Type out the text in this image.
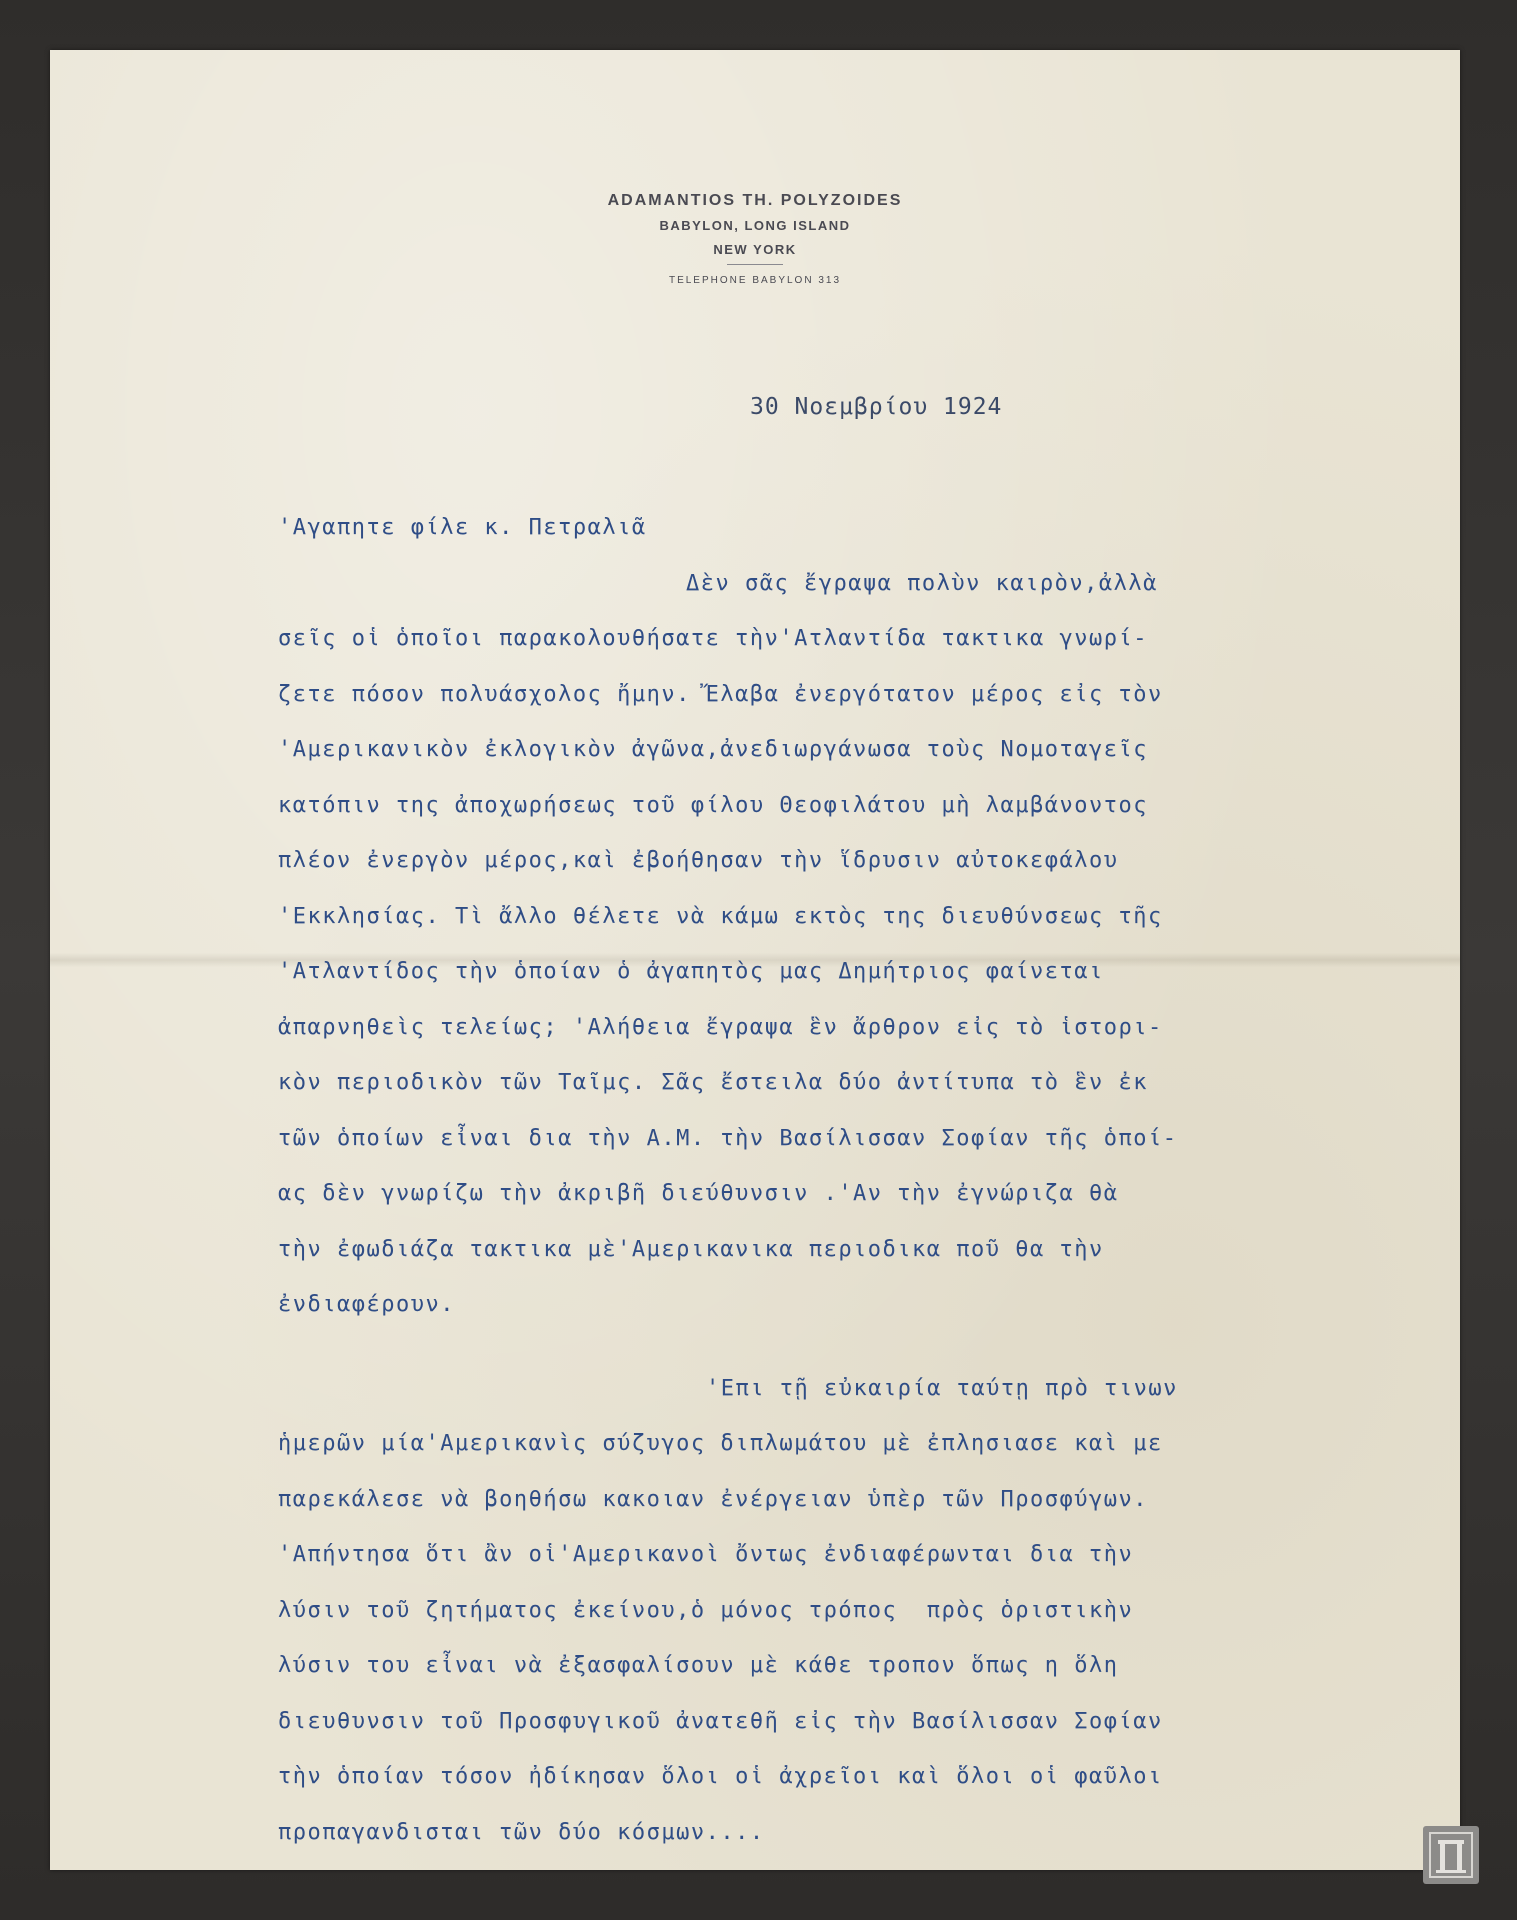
ADAMANTIOS TH. POLYZOIDES
BABYLON, LONG ISLAND
NEW YORK
TELEPHONE BABYLON 313
30 Νοεμβρίου 1924
'Αγαπητε φίλε κ. Πετραλιᾶ
Δὲν σᾶς ἔγραψα πολὺν καιρὸν,ἀλλὰ
σεῖς οἱ ὁποῖοι παρακολουθήσατε τὴν'Ατλαντίδα τακτικα γνωρί-
ζετε πόσον πολυάσχολος ἤμην. Ἔλαβα ἐνεργότατον μέρος εἰς τὸν
'Αμερικανικὸν ἐκλογικὸν ἀγῶνα,ἀνεδιωργάνωσα τοὺς Νομοταγεῖς
κατόπιν της ἀποχωρήσεως τοῦ φίλου Θεοφιλάτου μὴ λαμβάνοντος
πλέον ἐνεργὸν μέρος,καὶ ἐβοήθησαν τὴν ἵδρυσιν αὐτοκεφάλου
'Εκκλησίας. Τὶ ἄλλο θέλετε νὰ κάμω εκτὸς της διευθύνσεως τῆς
'Ατλαντίδος τὴν ὁποίαν ὁ ἀγαπητὸς μας Δημήτριος φαίνεται
ἀπαρνηθεὶς τελείως; 'Αλήθεια ἔγραψα ἓν ἄρθρον εἰς τὸ ἱστορι-
κὸν περιοδικὸν τῶν Ταῖμς. Σᾶς ἔστειλα δύο ἀντίτυπα τὸ ἓν ἐκ
τῶν ὁποίων εἶναι δια τὴν Α.Μ. τὴν Βασίλισσαν Σοφίαν τῆς ὁποί-
ας δὲν γνωρίζω τὴν ἀκριβῆ διεύθυνσιν .'Αν τὴν ἐγνώριζα θὰ
τὴν ἐφωδιάζα τακτικα μὲ'Αμερικανικα περιοδικα ποῦ θα τὴν
ἐνδιαφέρουν.
'Επι τῇ εὐκαιρία ταύτῃ πρὸ τινων
ἡμερῶν μία'Αμερικανὶς σύζυγος διπλωμάτου μὲ ἐπλησιασε καὶ με
παρεκάλεσε νὰ βοηθήσω κακοιαν ἐνέργειαν ὑπὲρ τῶν Προσφύγων.
'Απήντησα ὅτι ἂν οἱ'Αμερικανοὶ ὄντως ἐνδιαφέρωνται δια τὴν
λύσιν τοῦ ζητήματος ἐκείνου,ὁ μόνος τρόπος  πρὸς ὁριστικὴν
λύσιν του εἶναι νὰ ἐξασφαλίσουν μὲ κάθε τροπον ὅπως η ὅλη
διευθυνσιν τοῦ Προσφυγικοῦ ἀνατεθῆ εἰς τὴν Βασίλισσαν Σοφίαν
τὴν ὁποίαν τόσον ἠδίκησαν ὅλοι οἱ ἀχρεῖοι καὶ ὅλοι οἱ φαῦλοι
προπαγανδισται τῶν δύο κόσμων....
